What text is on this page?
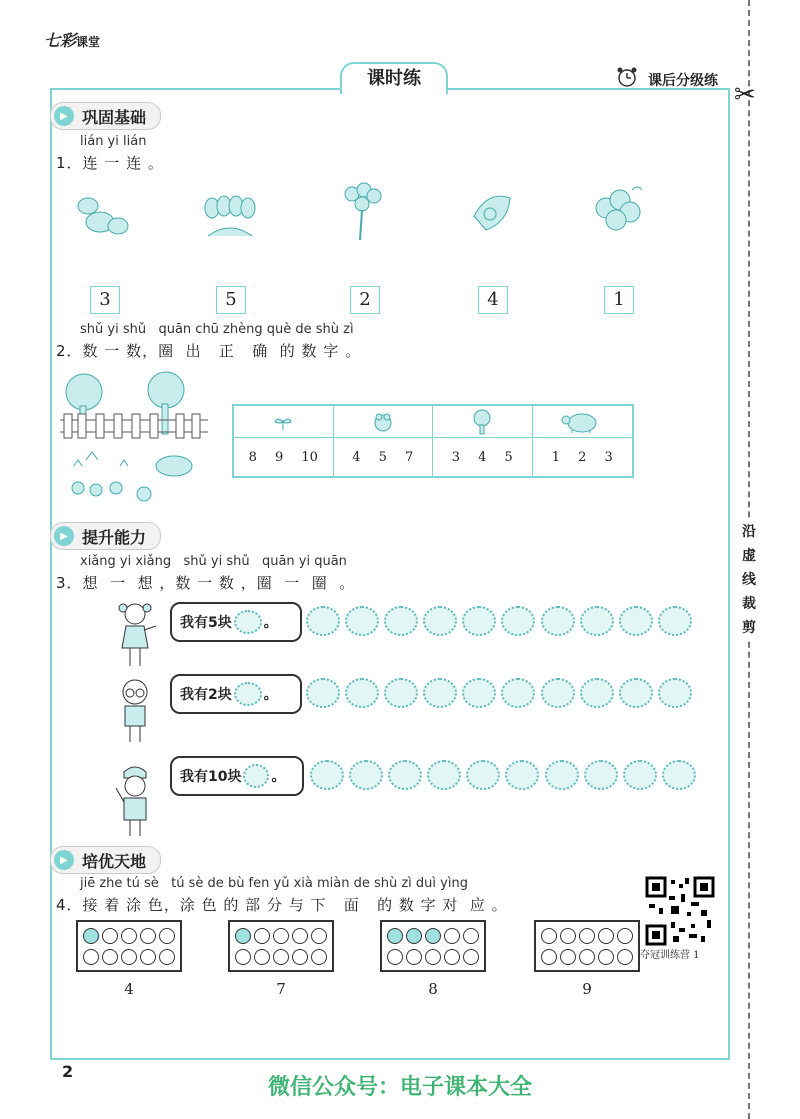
七彩课堂
课时练	课后分级练 ✂
沿
虚
线
裁
剪
▶ 巩固基础
lián yi lián
1．连 一 连 。
3	5	2	4	1
shǔ yi shǔ   quān chū zhèng què de shù zì
2．数 一 数，圈  出   正   确  的 数 字 。
8 9 10	4 5 7	3 4 5	1 2 3
▶ 提升能力
xiǎng yi xiǎng   shǔ yi shǔ   quān yi quān
3．想  一  想 ，数 一 数 ，圈  一  圈  。
我有5块 。

我有2块 。

我有10块 。

▶ 培优天地
jiē zhe tú sè   tú sè de bù fen yǔ xià miàn de shù zì duì yìng
4．接 着 涂 色，涂 色 的 部 分 与 下   面   的 数 字 对  应 。
夺冠训练营 1
4	7	8	9
2
微信公众号：电子课本大全
